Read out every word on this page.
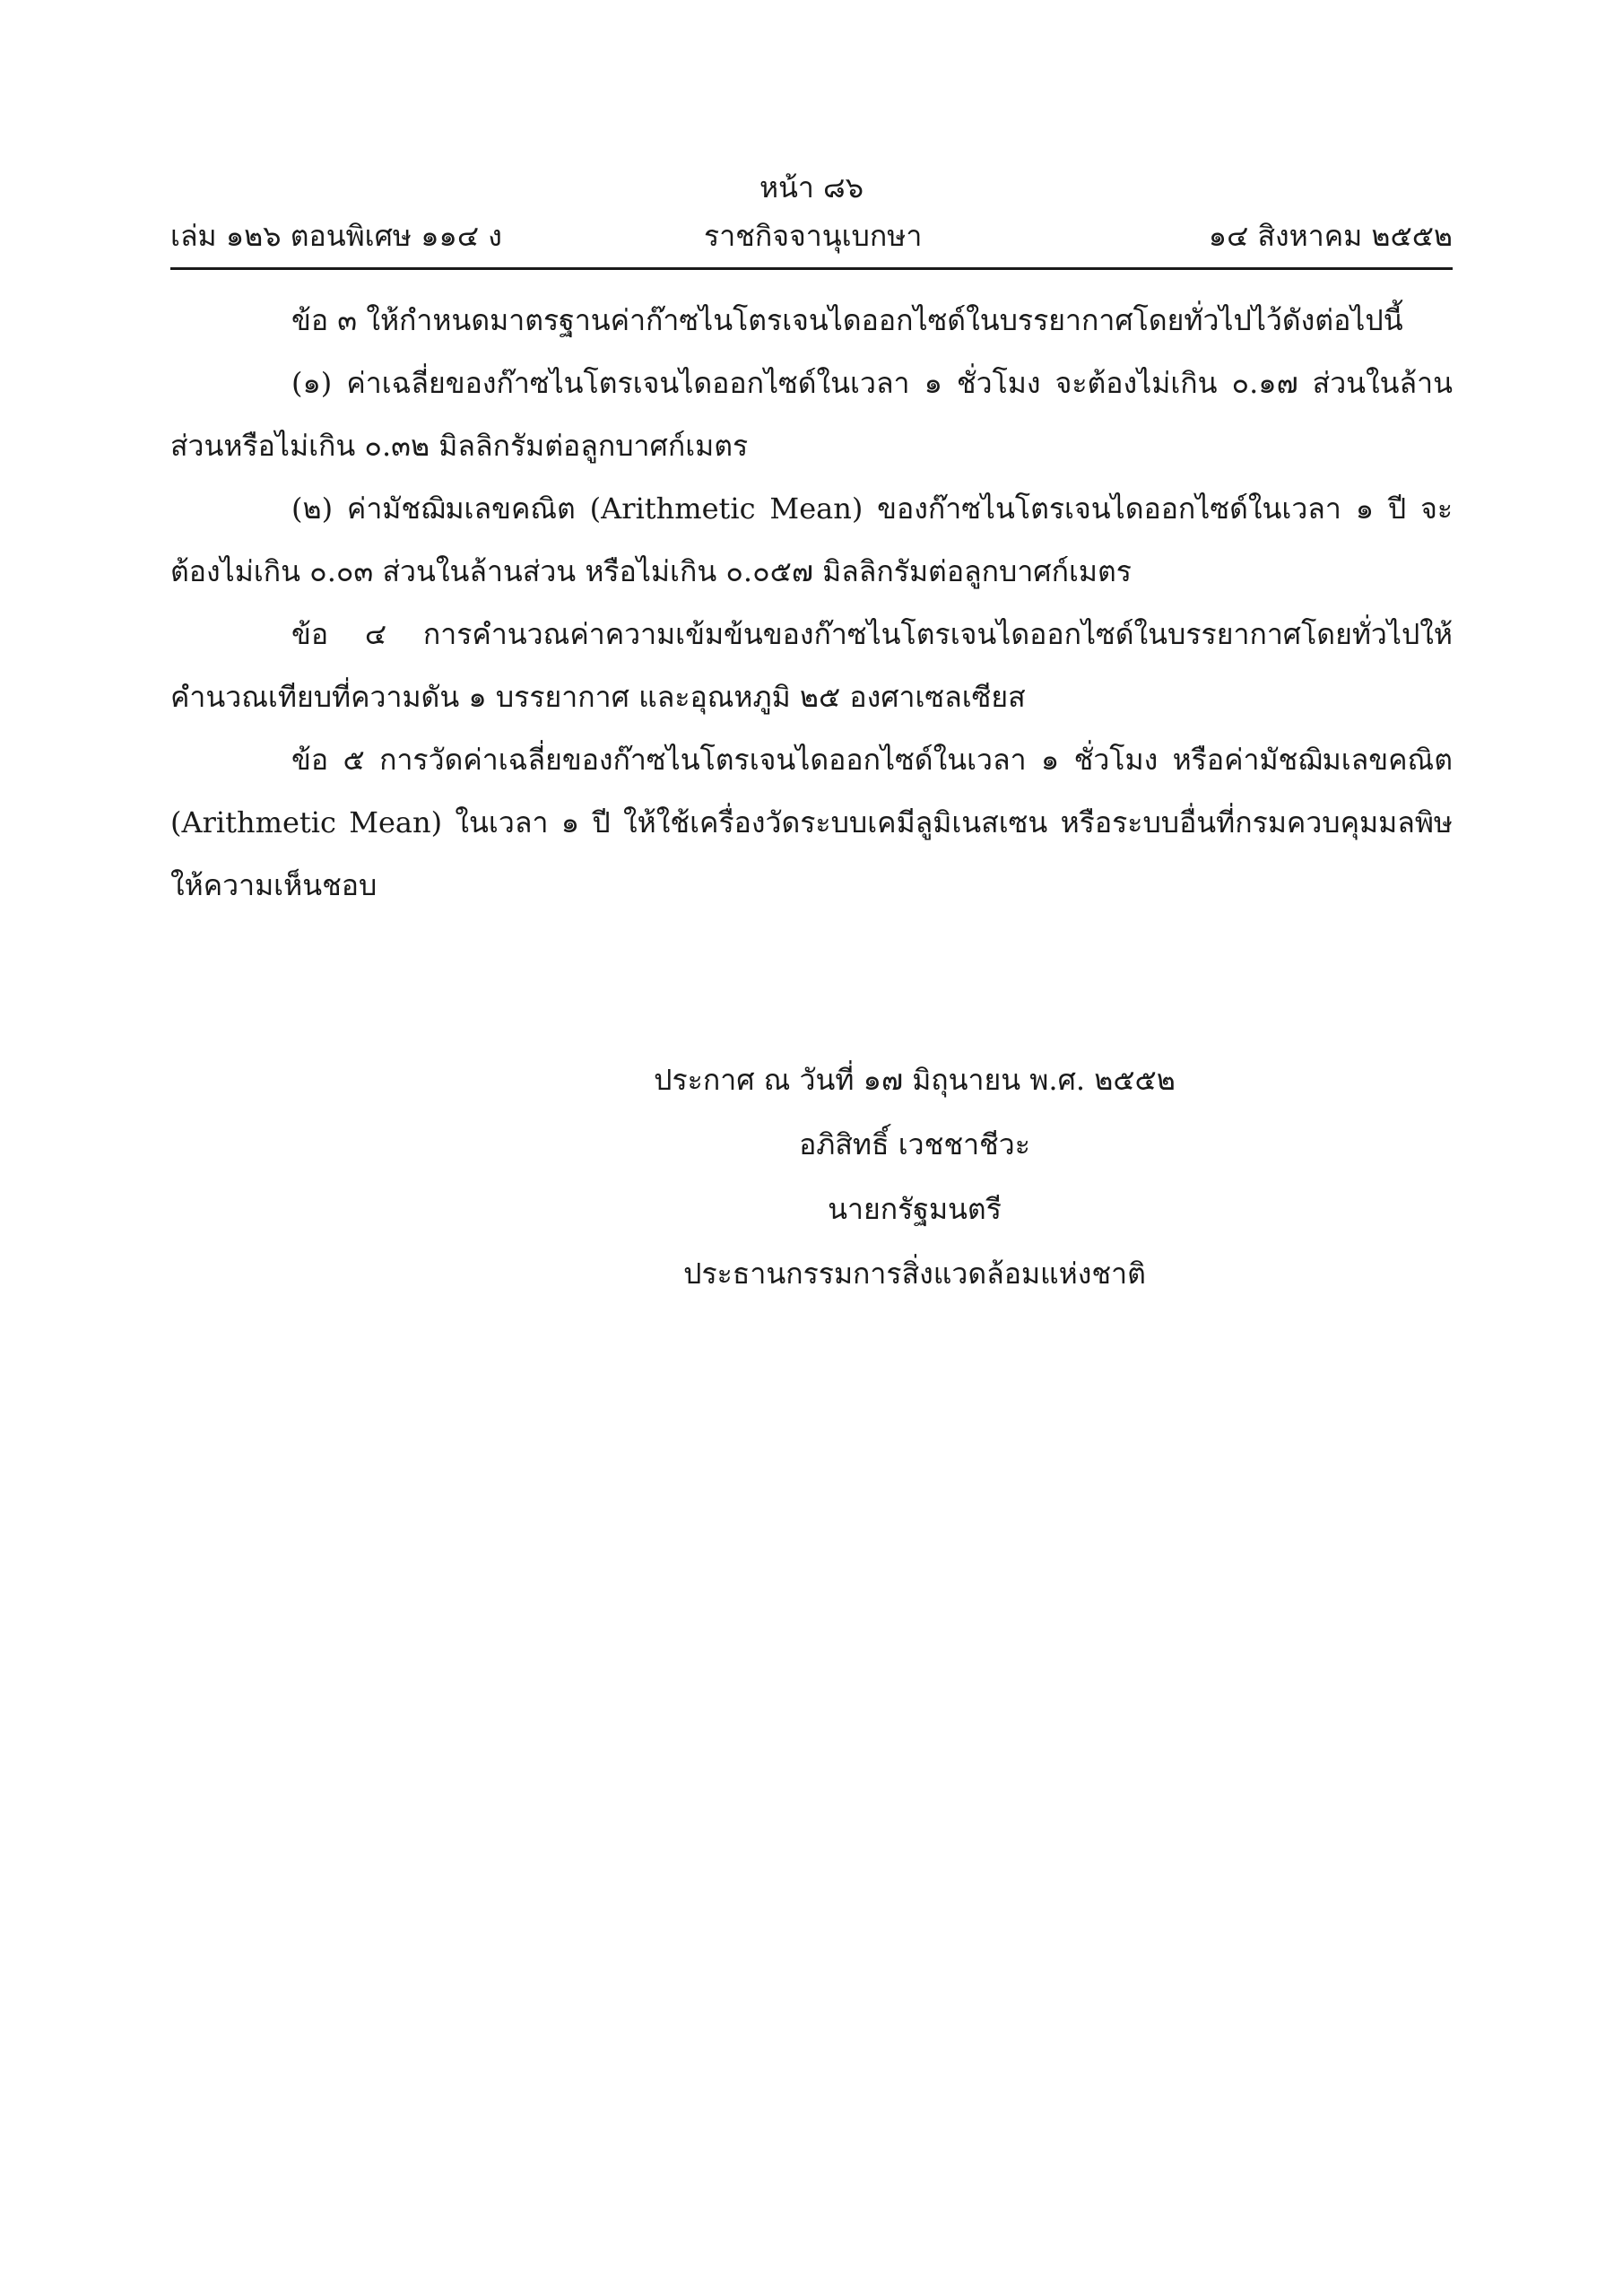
หน้า ๘๖
เล่ม ๑๒๖ ตอนพิเศษ ๑๑๔ ง	ราชกิจจานุเบกษา	๑๔ สิงหาคม ๒๕๕๒

ข้อ ๓ ให้กำหนดมาตรฐานค่าก๊าซไนโตรเจนไดออกไซด์ในบรรยากาศโดยทั่วไปไว้ดังต่อไปนี้

(๑) ค่าเฉลี่ยของก๊าซไนโตรเจนไดออกไซด์ในเวลา ๑ ชั่วโมง จะต้องไม่เกิน ๐.๑๗ ส่วนในล้านส่วนหรือไม่เกิน ๐.๓๒ มิลลิกรัมต่อลูกบาศก์เมตร

(๒) ค่ามัชฌิมเลขคณิต (Arithmetic Mean) ของก๊าซไนโตรเจนไดออกไซด์ในเวลา ๑ ปี จะต้องไม่เกิน ๐.๐๓ ส่วนในล้านส่วน หรือไม่เกิน ๐.๐๕๗ มิลลิกรัมต่อลูกบาศก์เมตร

ข้อ ๔ การคำนวณค่าความเข้มข้นของก๊าซไนโตรเจนไดออกไซด์ในบรรยากาศโดยทั่วไปให้คำนวณเทียบที่ความดัน ๑ บรรยากาศ และอุณหภูมิ ๒๕ องศาเซลเซียส

ข้อ ๕ การวัดค่าเฉลี่ยของก๊าซไนโตรเจนไดออกไซด์ในเวลา ๑ ชั่วโมง หรือค่ามัชฌิมเลขคณิต (Arithmetic Mean) ในเวลา ๑ ปี ให้ใช้เครื่องวัดระบบเคมีลูมิเนสเซน หรือระบบอื่นที่กรมควบคุมมลพิษให้ความเห็นชอบ

ประกาศ ณ วันที่ ๑๗ มิถุนายน พ.ศ. ๒๕๕๒
อภิสิทธิ์ เวชชาชีวะ
นายกรัฐมนตรี
ประธานกรรมการสิ่งแวดล้อมแห่งชาติ
